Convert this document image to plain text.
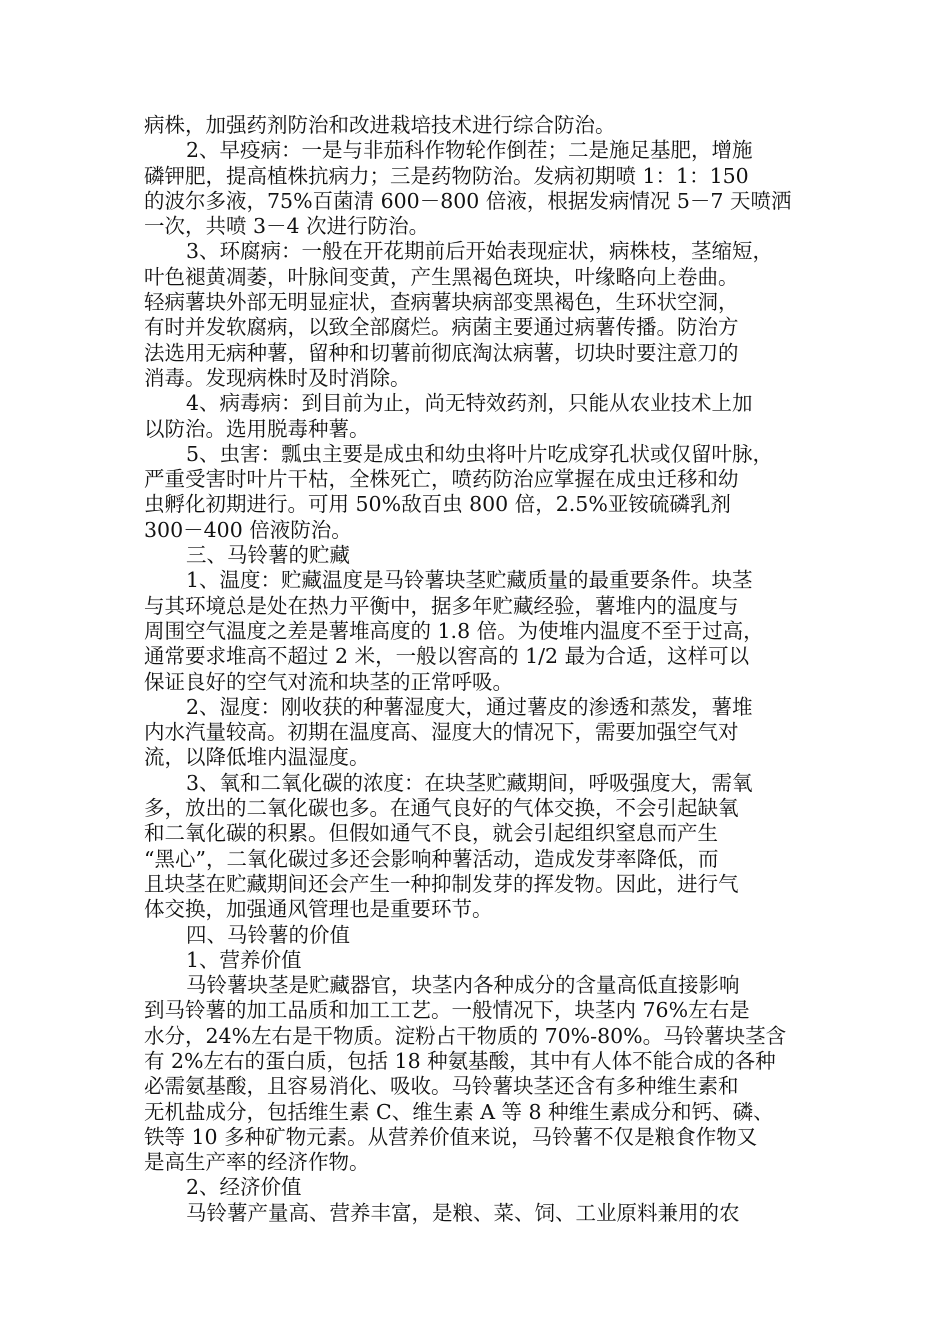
病株，加强药剂防治和改进栽培技术进行综合防治。
2、早疫病：一是与非茄科作物轮作倒茬；二是施足基肥，增施
磷钾肥，提高植株抗病力；三是药物防治。发病初期喷 1：1：150
的波尔多液，75%百菌清 600－800 倍液，根据发病情况 5－7 天喷洒
一次，共喷 3－4 次进行防治。
3、环腐病：一般在开花期前后开始表现症状，病株枝，茎缩短，
叶色褪黄凋萎，叶脉间变黄，产生黑褐色斑块，叶缘略向上卷曲。
轻病薯块外部无明显症状，查病薯块病部变黑褐色，生环状空洞，
有时并发软腐病，以致全部腐烂。病菌主要通过病薯传播。防治方
法选用无病种薯，留种和切薯前彻底淘汰病薯，切块时要注意刀的
消毒。发现病株时及时消除。
4、病毒病：到目前为止，尚无特效药剂，只能从农业技术上加
以防治。选用脱毒种薯。
5、虫害：瓢虫主要是成虫和幼虫将叶片吃成穿孔状或仅留叶脉，
严重受害时叶片干枯，全株死亡，喷药防治应掌握在成虫迁移和幼
虫孵化初期进行。可用 50%敌百虫 800 倍，2.5%亚铵硫磷乳剂
300－400 倍液防治。
三、马铃薯的贮藏
1、温度：贮藏温度是马铃薯块茎贮藏质量的最重要条件。块茎
与其环境总是处在热力平衡中，据多年贮藏经验，薯堆内的温度与
周围空气温度之差是薯堆高度的 1.8 倍。为使堆内温度不至于过高，
通常要求堆高不超过 2 米，一般以窖高的 1/2 最为合适，这样可以
保证良好的空气对流和块茎的正常呼吸。
2、湿度：刚收获的种薯湿度大，通过薯皮的渗透和蒸发，薯堆
内水汽量较高。初期在温度高、湿度大的情况下，需要加强空气对
流，以降低堆内温湿度。
3、氧和二氧化碳的浓度：在块茎贮藏期间，呼吸强度大，需氧
多，放出的二氧化碳也多。在通气良好的气体交换，不会引起缺氧
和二氧化碳的积累。但假如通气不良，就会引起组织窒息而产生
“黑心”，二氧化碳过多还会影响种薯活动，造成发芽率降低，而
且块茎在贮藏期间还会产生一种抑制发芽的挥发物。因此，进行气
体交换，加强通风管理也是重要环节。
四、马铃薯的价值
1、营养价值
马铃薯块茎是贮藏器官，块茎内各种成分的含量高低直接影响
到马铃薯的加工品质和加工工艺。一般情况下，块茎内 76%左右是
水分，24%左右是干物质。淀粉占干物质的 70%-80%。马铃薯块茎含
有 2%左右的蛋白质，包括 18 种氨基酸，其中有人体不能合成的各种
必需氨基酸，且容易消化、吸收。马铃薯块茎还含有多种维生素和
无机盐成分，包括维生素 C、维生素 A 等 8 种维生素成分和钙、磷、
铁等 10 多种矿物元素。从营养价值来说，马铃薯不仅是粮食作物又
是高生产率的经济作物。
2、经济价值
马铃薯产量高、营养丰富，是粮、菜、饲、工业原料兼用的农
